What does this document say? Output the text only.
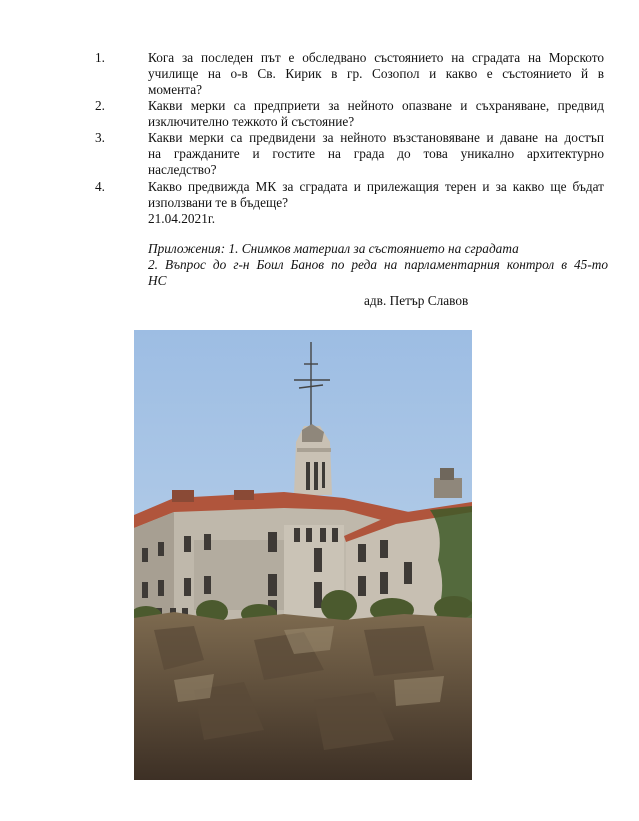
1.	Кога за последен път е обследвано състоянието на сградата на Морското
училище на о-в Св. Кирик в гр. Созопол и какво е състоянието й в
момента?
2.	Какви мерки са предприети за нейното опазване и съхраняване, предвид
изключително тежкото й състояние?
3.	Какви мерки са предвидени за нейното възстановяване и даване на достъп
на гражданите и гостите на града до това уникално архитектурно
наследство?
4.	Какво предвижда МК за сградата и прилежащия терен и за какво ще бъдат
използвани те в бъдеще?
21.04.2021г.
Приложения: 1. Снимков материал за състоянието на сградата
2. Въпрос до г-н Боил Банов по реда на парламентарния контрол в 45-то
НС
адв. Петър Славов
